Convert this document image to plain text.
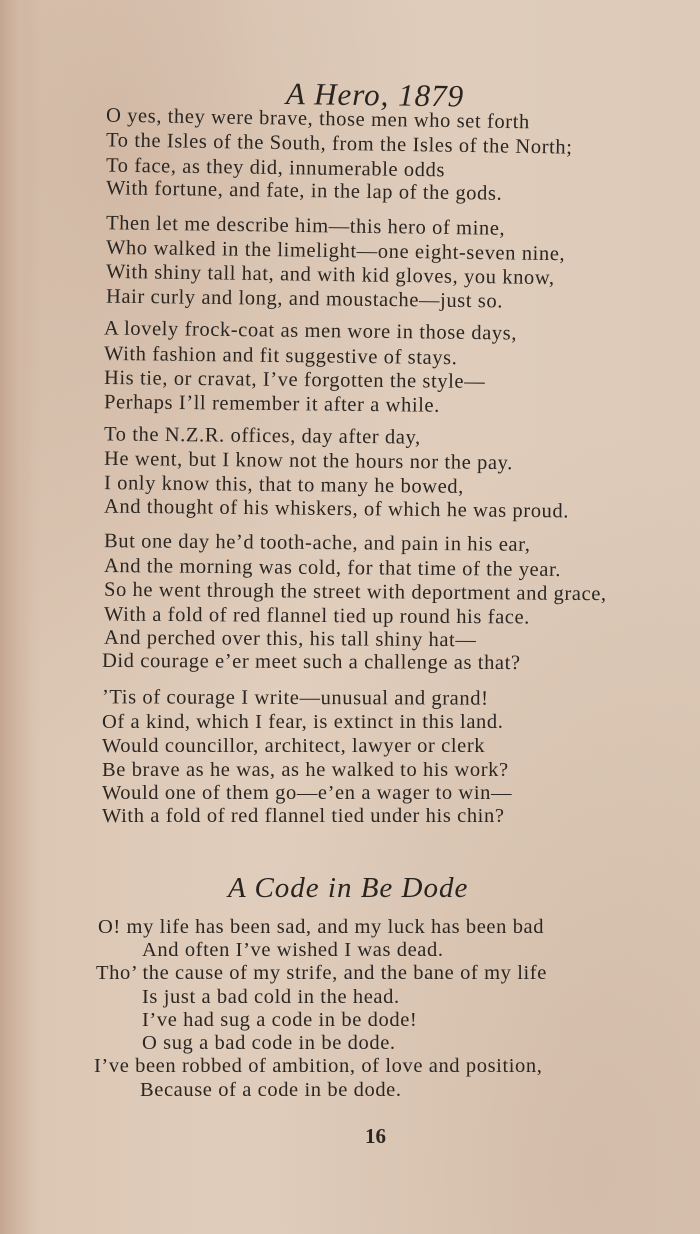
A Hero, 1879
O yes, they were brave, those men who set forth
To the Isles of the South, from the Isles of the North;
To face, as they did, innumerable odds
With fortune, and fate, in the lap of the gods.
Then let me describe him—this hero of mine,
Who walked in the limelight—one eight-seven nine,
With shiny tall hat, and with kid gloves, you know,
Hair curly and long, and moustache—just so.
A lovely frock-coat as men wore in those days,
With fashion and fit suggestive of stays.
His tie, or cravat, I’ve forgotten the style—
Perhaps I’ll remember it after a while.
To the N.Z.R. offices, day after day,
He went, but I know not the hours nor the pay.
I only know this, that to many he bowed,
And thought of his whiskers, of which he was proud.
But one day he’d tooth-ache, and pain in his ear,
And the morning was cold, for that time of the year.
So he went through the street with deportment and grace,
With a fold of red flannel tied up round his face.
And perched over this, his tall shiny hat—
Did courage e’er meet such a challenge as that?
’Tis of courage I write—unusual and grand!
Of a kind, which I fear, is extinct in this land.
Would councillor, architect, lawyer or clerk
Be brave as he was, as he walked to his work?
Would one of them go—e’en a wager to win—
With a fold of red flannel tied under his chin?
A Code in Be Dode
O! my life has been sad, and my luck has been bad
And often I’ve wished I was dead.
Tho’ the cause of my strife, and the bane of my life
Is just a bad cold in the head.
I’ve had sug a code in be dode!
O sug a bad code in be dode.
I’ve been robbed of ambition, of love and position,
Because of a code in be dode.
16
